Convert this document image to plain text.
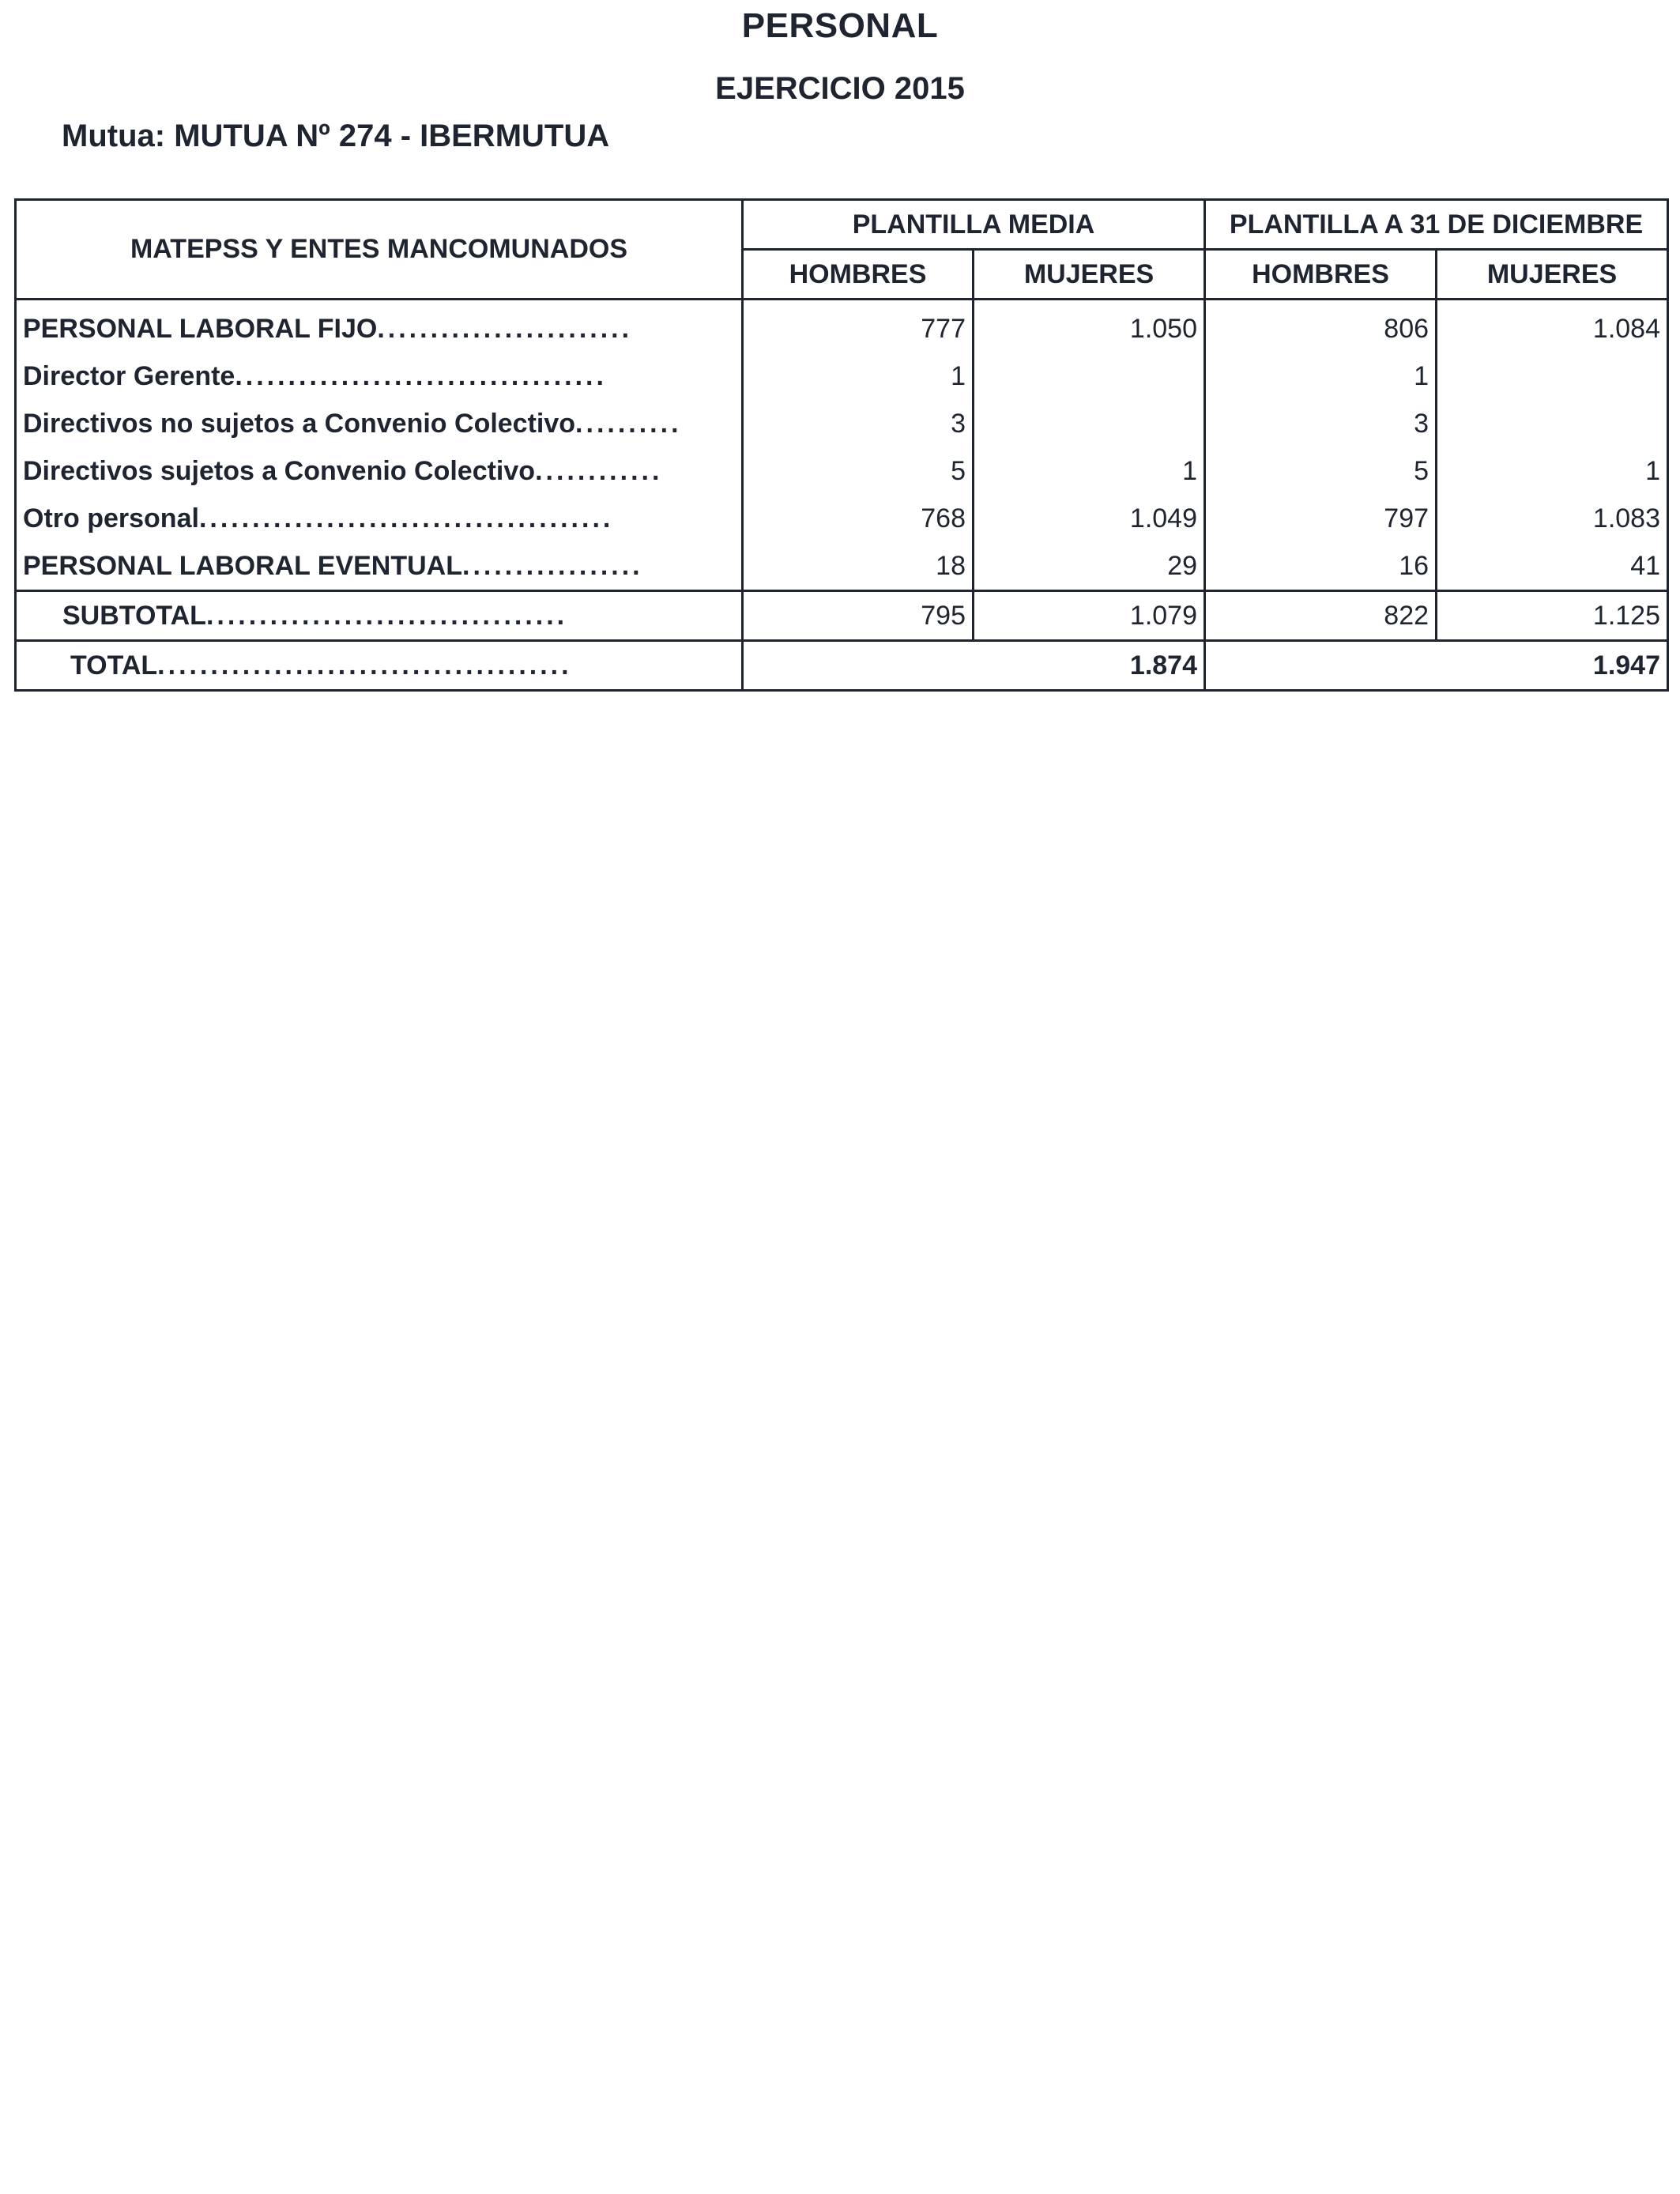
PERSONAL
EJERCICIO 2015
Mutua: MUTUA Nº 274 - IBERMUTUA
MATEPSS Y ENTES MANCOMUNADOS	PLANTILLA MEDIA		PLANTILLA A 31 DE DICIEMBRE	
	HOMBRES	MUJERES	HOMBRES	MUJERES
PERSONAL LABORAL FIJO........................	777	1.050	806	1.084
Director Gerente...................................	1		1	
Directivos no sujetos a Convenio Colectivo..........	3		3	
Directivos sujetos a Convenio Colectivo............	5	1	5	1
Otro personal.......................................	768	1.049	797	1.083
PERSONAL LABORAL EVENTUAL.................	18	29	16	41
SUBTOTAL..................................	795	1.079	822	1.125
TOTAL.......................................	1.874		1.947	
